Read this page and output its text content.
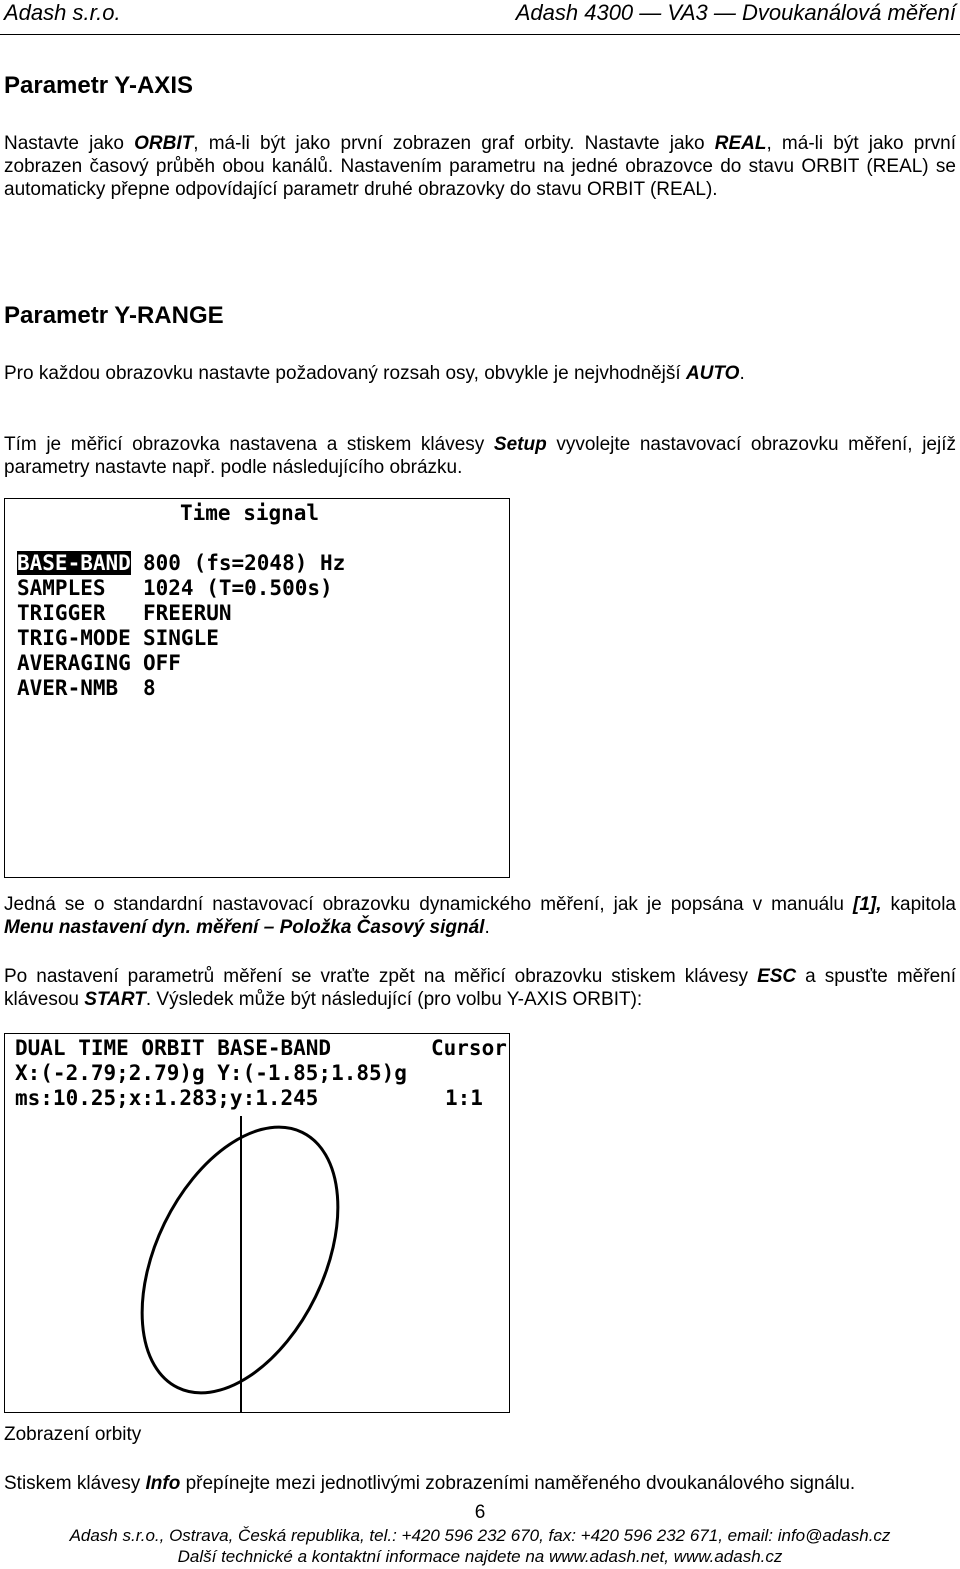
Adash s.r.o.	Adash 4300 — VA3 — Dvoukanálová měření
Parametr Y-AXIS
Nastavte jako ORBIT, má-li být jako první zobrazen graf orbity. Nastavte jako REAL, má-li být jako první zobrazen časový průběh obou kanálů. Nastavením parametru na jedné obrazovce do stavu ORBIT (REAL) se automaticky přepne odpovídající parametr druhé obrazovky do stavu ORBIT (REAL).
Parametr Y-RANGE
Pro každou obrazovku nastavte požadovaný rozsah osy, obvykle je nejvhodnější AUTO.
Tím je měřicí obrazovka nastavena a stiskem klávesy Setup vyvolejte nastavovací obrazovku měření, jejíž parametry nastavte např. podle následujícího obrázku.
Time signal
BASE-BAND 800 (fs=2048) Hz
SAMPLES 1024 (T=0.500s)
TRIGGER FREERUN
TRIG-MODE SINGLE
AVERAGING OFF
AVER-NMB 8
Jedná se o standardní nastavovací obrazovku dynamického měření, jak je popsána v manuálu [1], kapitola Menu nastavení dyn. měření – Položka Časový signál.
Po nastavení parametrů měření se vraťte zpět na měřicí obrazovku stiskem klávesy ESC a spusťte měření klávesou START. Výsledek může být následující (pro volbu Y-AXIS ORBIT):
DUAL TIME ORBIT BASE-BAND	Cursor
X:(-2.79;2.79)g Y:(-1.85;1.85)g
ms:10.25;x:1.283;y:1.245	1:1
Zobrazení orbity
Stiskem klávesy Info přepínejte mezi jednotlivými zobrazeními naměřeného dvoukanálového signálu.
6
Adash s.r.o., Ostrava, Česká republika, tel.: +420 596 232 670, fax: +420 596 232 671, email: info@adash.cz
Další technické a kontaktní informace najdete na www.adash.net, www.adash.cz
